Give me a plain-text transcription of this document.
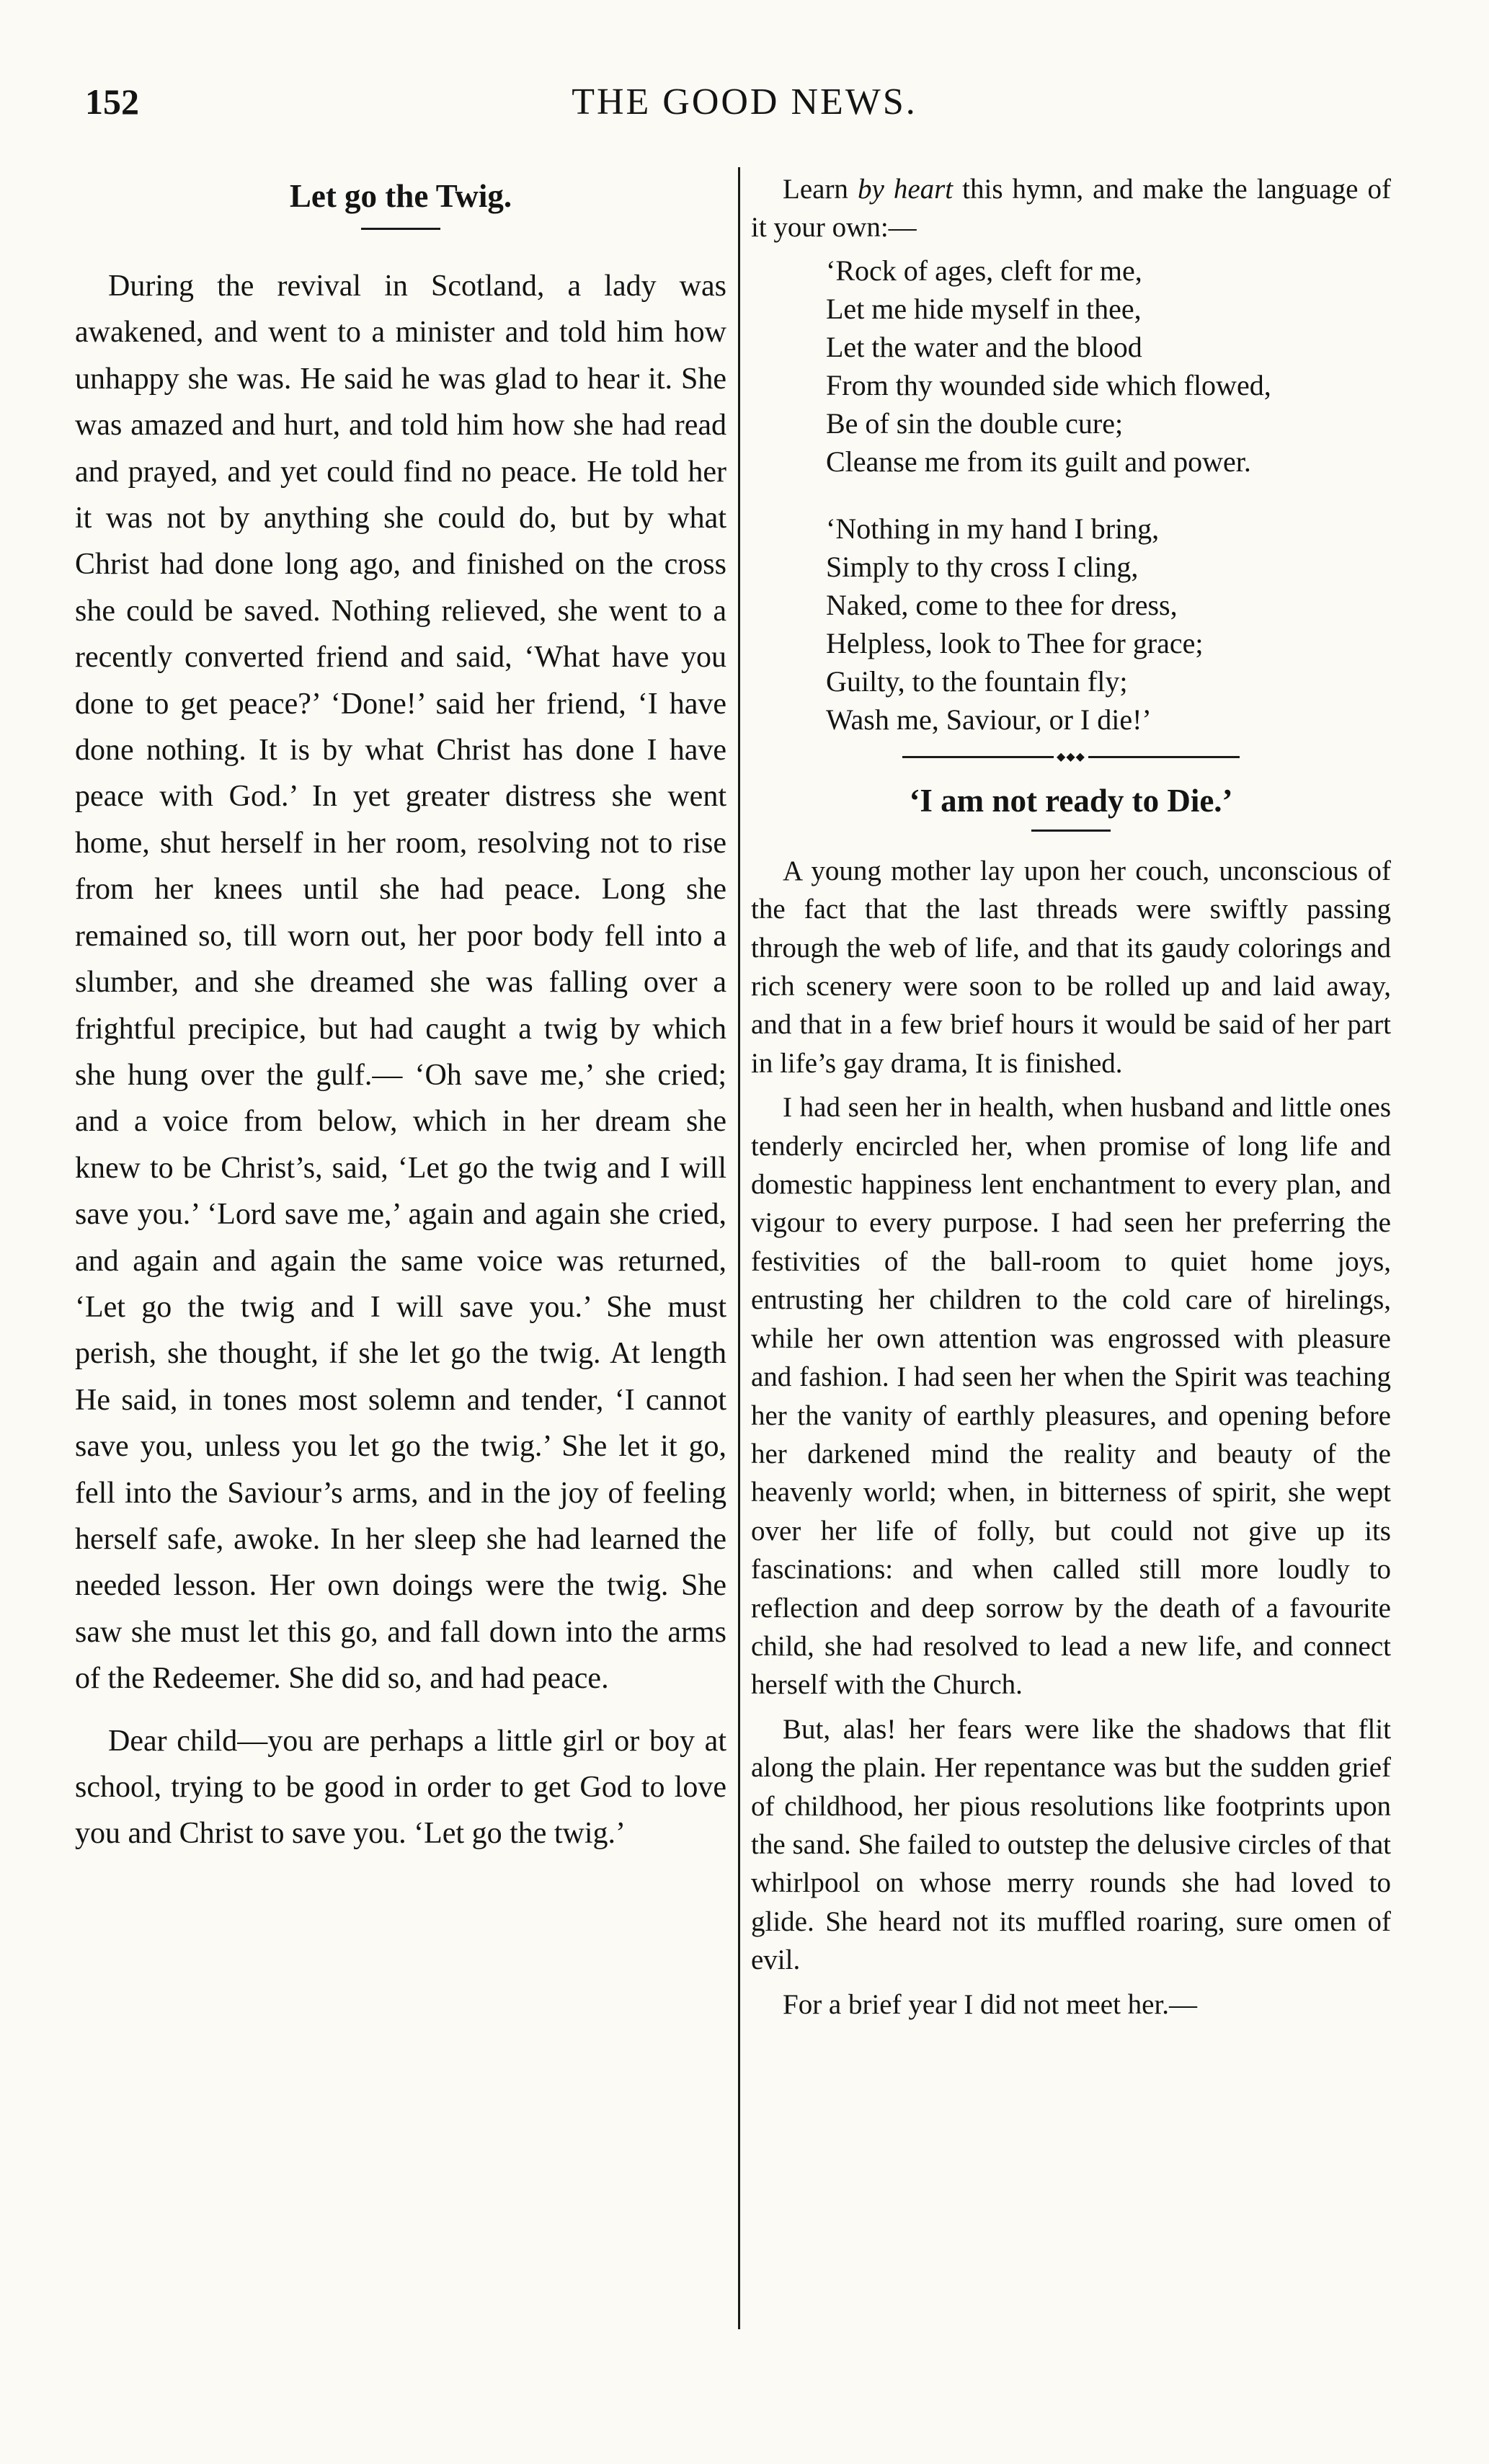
152	THE GOOD NEWS.
Let go the Twig.

During the revival in Scotland, a lady was awakened, and went to a minister and told him how unhappy she was. He said he was glad to hear it. She was amazed and hurt, and told him how she had read and prayed, and yet could find no peace. He told her it was not by anything she could do, but by what Christ had done long ago, and finished on the cross she could be saved. Nothing relieved, she went to a recently converted friend and said, ‘What have you done to get peace?’ ‘Done!’ said her friend, ‘I have done nothing. It is by what Christ has done I have peace with God.’ In yet greater distress she went home, shut herself in her room, resolving not to rise from her knees until she had peace. Long she remained so, till worn out, her poor body fell into a slumber, and she dreamed she was falling over a frightful precipice, but had caught a twig by which she hung over the gulf.— ‘Oh save me,’ she cried; and a voice from below, which in her dream she knew to be Christ’s, said, ‘Let go the twig and I will save you.’ ‘Lord save me,’ again and again she cried, and again and again the same voice was returned, ‘Let go the twig and I will save you.’ She must perish, she thought, if she let go the twig. At length He said, in tones most solemn and tender, ‘I cannot save you, unless you let go the twig.’ She let it go, fell into the Saviour’s arms, and in the joy of feeling herself safe, awoke. In her sleep she had learned the needed lesson. Her own doings were the twig. She saw she must let this go, and fall down into the arms of the Redeemer. She did so, and had peace.

Dear child—you are perhaps a little girl or boy at school, trying to be good in order to get God to love you and Christ to save you. ‘Let go the twig.’

Learn by heart this hymn, and make the language of it your own:—

‘Rock of ages, cleft for me,
Let me hide myself in thee,
Let the water and the blood
From thy wounded side which flowed,
Be of sin the double cure;
Cleanse me from its guilt and power.
‘Nothing in my hand I bring,
Simply to thy cross I cling,
Naked, come to thee for dress,
Helpless, look to Thee for grace;
Guilty, to the fountain fly;
Wash me, Saviour, or I die!’
◆◆◆
‘I am not ready to Die.’

A young mother lay upon her couch, unconscious of the fact that the last threads were swiftly passing through the web of life, and that its gaudy colorings and rich scenery were soon to be rolled up and laid away, and that in a few brief hours it would be said of her part in life’s gay drama, It is finished.

I had seen her in health, when husband and little ones tenderly encircled her, when promise of long life and domestic happiness lent enchantment to every plan, and vigour to every purpose. I had seen her preferring the festivities of the ball-room to quiet home joys, entrusting her children to the cold care of hirelings, while her own attention was engrossed with pleasure and fashion. I had seen her when the Spirit was teaching her the vanity of earthly pleasures, and opening before her darkened mind the reality and beauty of the heavenly world; when, in bitterness of spirit, she wept over her life of folly, but could not give up its fascinations: and when called still more loudly to reflection and deep sorrow by the death of a favourite child, she had resolved to lead a new life, and connect herself with the Church.

But, alas! her fears were like the shadows that flit along the plain. Her repentance was but the sudden grief of childhood, her pious resolutions like footprints upon the sand. She failed to outstep the delusive circles of that whirlpool on whose merry rounds she had loved to glide. She heard not its muffled roaring, sure omen of evil.

For a brief year I did not meet her.—
